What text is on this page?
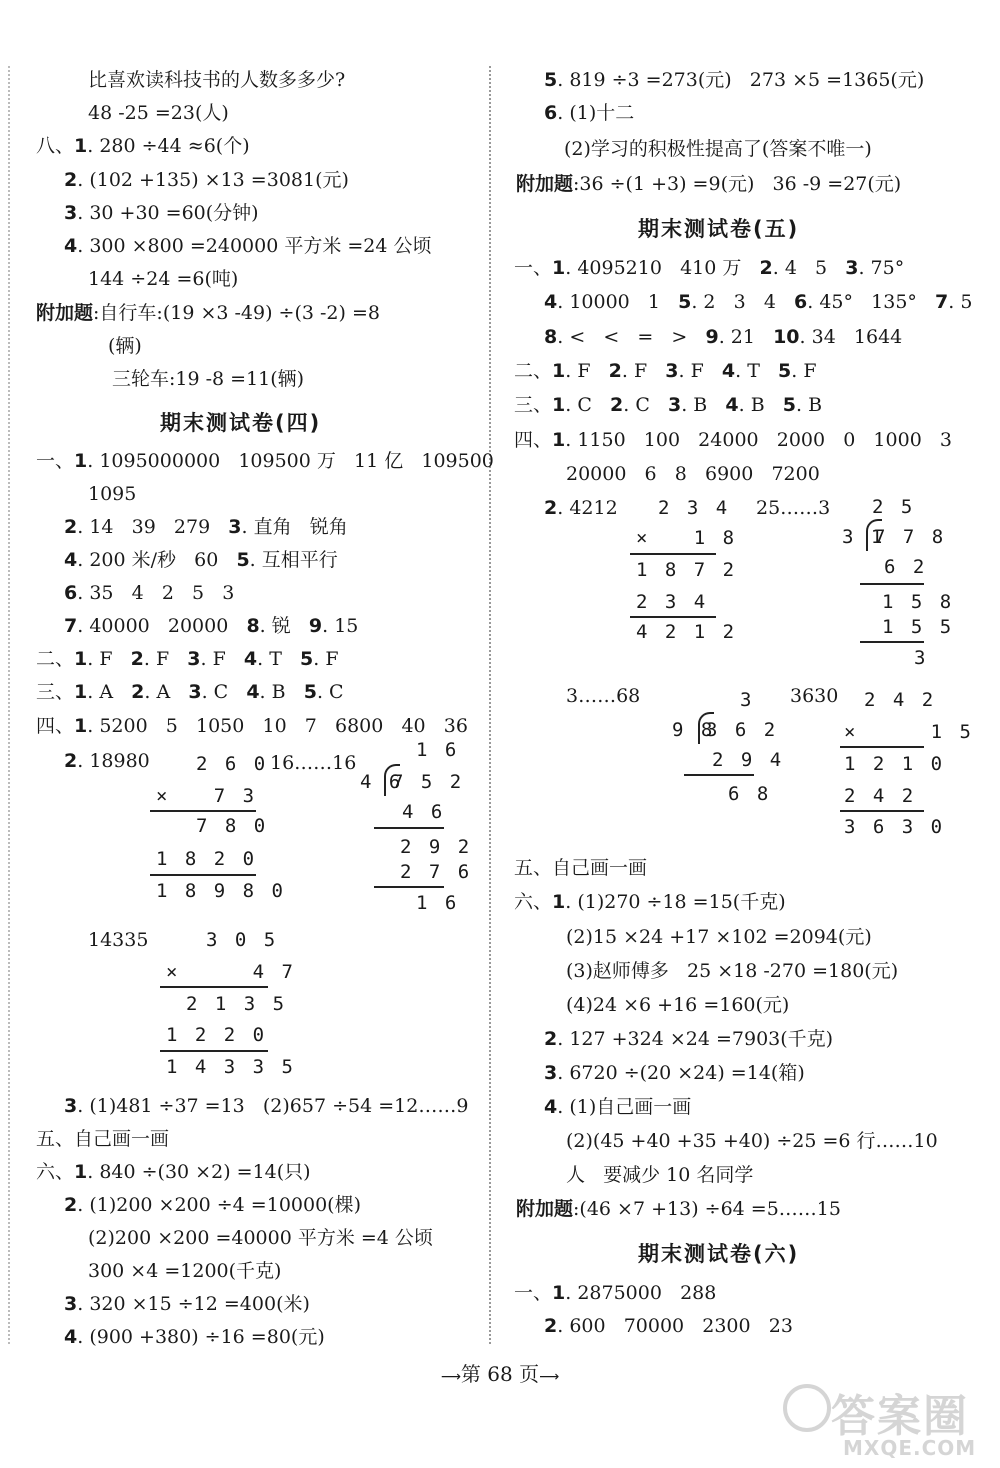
比喜欢读科技书的人数多多少?
48 -25 =23(人)
八、1. 280 ÷44 ≈6(个)
2. (102 +135) ×13 =3081(元)
3. 30 +30 =60(分钟)
4. 300 ×800 =240000 平方米 =24 公顷
144 ÷24 =6(吨)
附加题:自行车:(19 ×3 -49) ÷(3 -2) =8
(辆)
三轮车:19 -8 =11(辆)
期末测试卷(四)
一、1. 1095000000   109500 万   11 亿   109500
1095
2. 14   39   279   3. 直角   锐角
4. 200 米/秒   60   5. 互相平行
6. 35   4   2   5   3
7. 40000   20000   8. 锐   9. 15
二、1. F   2. F   3. F   4. T   5. F
三、1. A   2. A   3. C   4. B   5. C
四、1. 5200   5   1050   10   7   6800   40   36
2. 18980 2 6 0
×   7 3
7 8 0
1 8 2 0
1 8 9 8 0
16……16
1 6
4 6
7 5 2
4 6
2 9 2
2 7 6
1 6
14335	3 0 5
×     4 7
2 1 3 5
1 2 2 0
1 4 3 3 5
3. (1)481 ÷37 =13   (2)657 ÷54 =12……9
五、自己画一画
六、1. 840 ÷(30 ×2) =14(只)
2. (1)200 ×200 ÷4 =10000(棵)
(2)200 ×200 =40000 平方米 =4 公顷
300 ×4 =1200(千克)
3. 320 ×15 ÷12 =400(米)
4. (900 +380) ÷16 =80(元)
5. 819 ÷3 =273(元)   273 ×5 =1365(元)
6. (1)十二
(2)学习的积极性提高了(答案不唯一)
附加题:36 ÷(1 +3) =9(元)   36 -9 =27(元)
期末测试卷(五)
一、1. 4095210   410 万   2. 4   5   3. 75°
4. 10000   1   5. 2   3   4   6. 45°   135°   7. 5
8. <   <   =   >   9. 21   10. 34   1644
二、1. F   2. F   3. F   4. T   5. F
三、1. C   2. C   3. B   4. B   5. B
四、1. 1150   100   24000   2000   0   1000   3
20000   6   8   6900   7200
2. 4212 2 3 4
×   1 8
1 8 7 2
2 3 4
4 2 1 2
25……3 2 5
3 1
7 7 8
6 2
1 5 8
1 5 5
3
3……68	3
9 8
3 6 2
2 9 4
6 8
3630 2 4 2
×     1 5
1 2 1 0
2 4 2
3 6 3 0
五、自己画一画
六、1. (1)270 ÷18 =15(千克)
(2)15 ×24 +17 ×102 =2094(元)
(3)赵师傅多   25 ×18 -270 =180(元)
(4)24 ×6 +16 =160(元)
2. 127 +324 ×24 =7903(千克)
3. 6720 ÷(20 ×24) =14(箱)
4. (1)自己画一画
(2)(45 +40 +35 +40) ÷25 =6 行……10
人   要减少 10 名同学
附加题:(46 ×7 +13) ÷64 =5……15
期末测试卷(六)
一、1. 2875000   288
2. 600   70000   2300   23
⟶第 68 页⟶
答案圈
MXQE.COM
